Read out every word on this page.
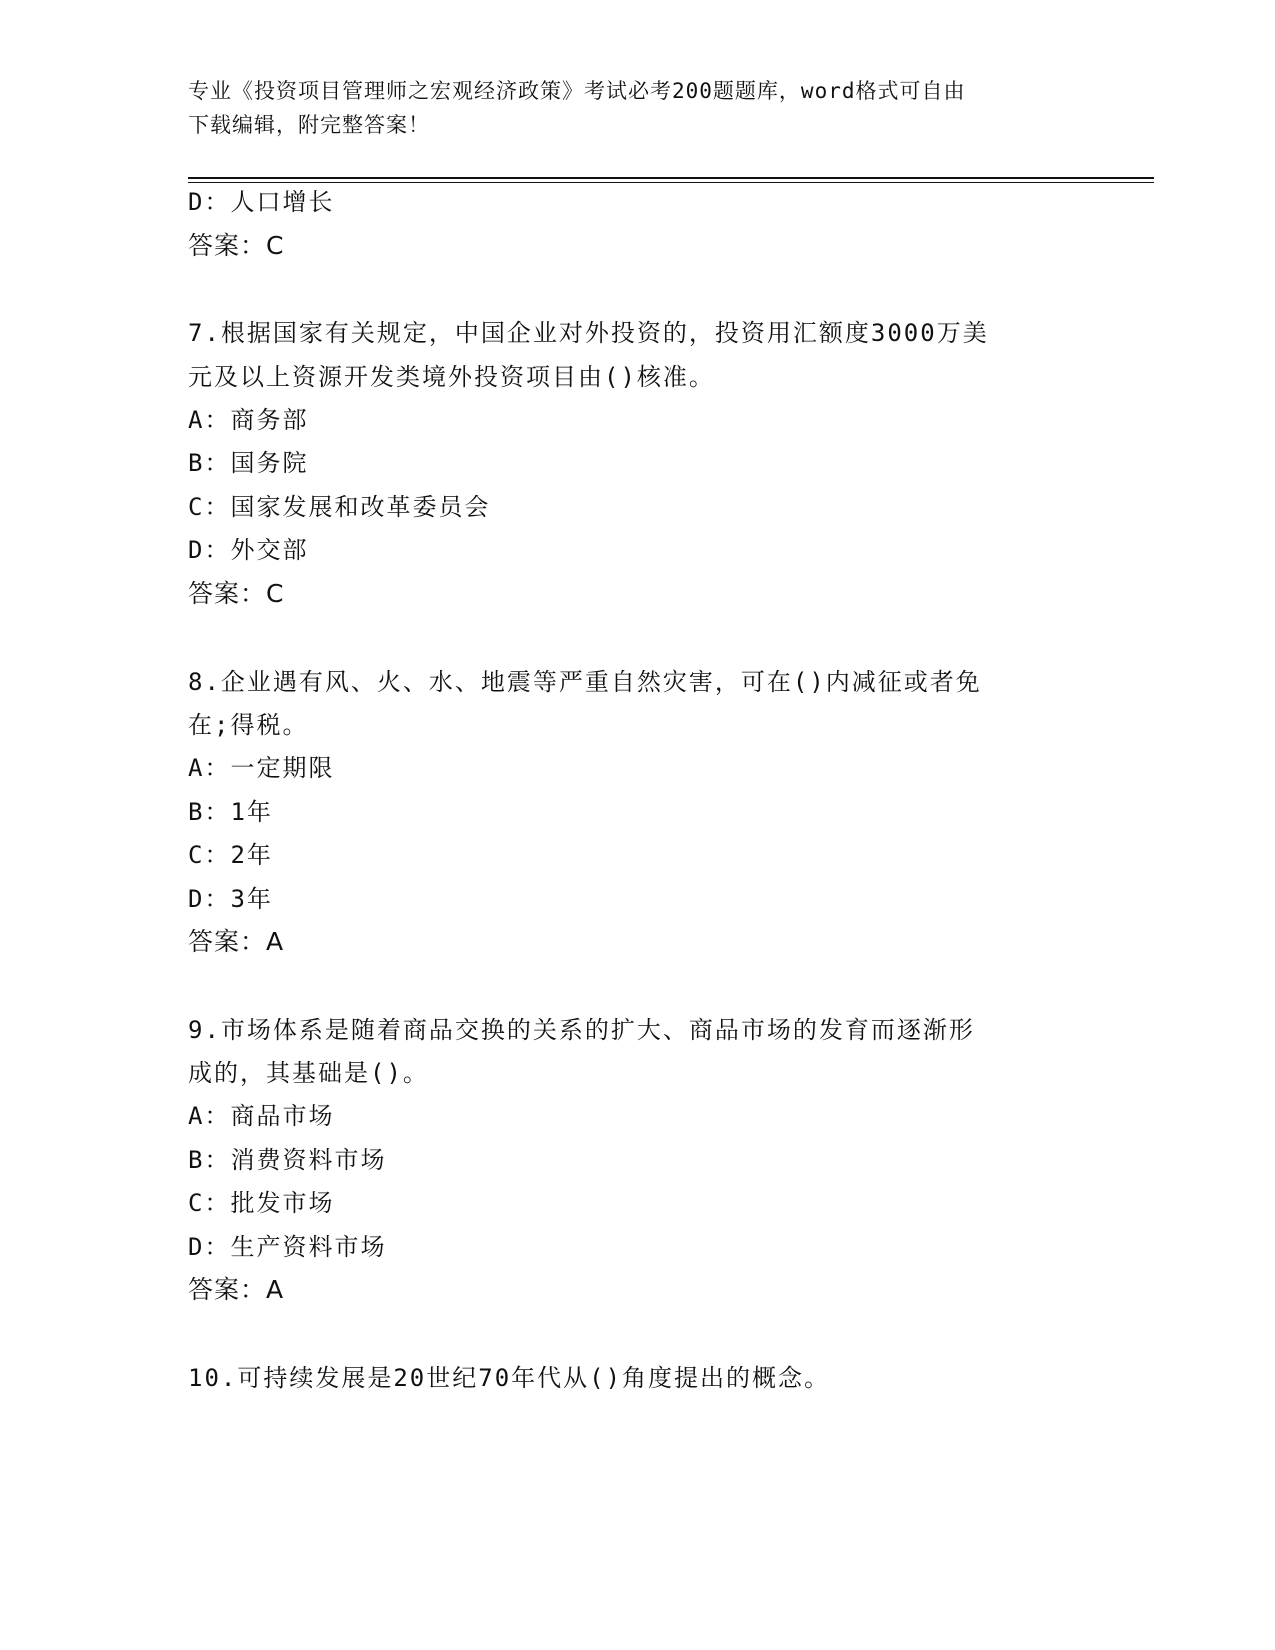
专业《投资项目管理师之宏观经济政策》考试必考200题题库，word格式可自由
下载编辑，附完整答案！
D：人口增长
答案：C
7.根据国家有关规定，中国企业对外投资的，投资用汇额度3000万美
元及以上资源开发类境外投资项目由()核准。
A：商务部
B：国务院
C：国家发展和改革委员会
D：外交部
答案：C
8.企业遇有风、火、水、地震等严重自然灾害，可在()内减征或者免
在;得税。
A：一定期限
B：1年
C：2年
D：3年
答案：A
9.市场体系是随着商品交换的关系的扩大、商品市场的发育而逐渐形
成的，其基础是()。
A：商品市场
B：消费资料市场
C：批发市场
D：生产资料市场
答案：A
10.可持续发展是20世纪70年代从()角度提出的概念。
